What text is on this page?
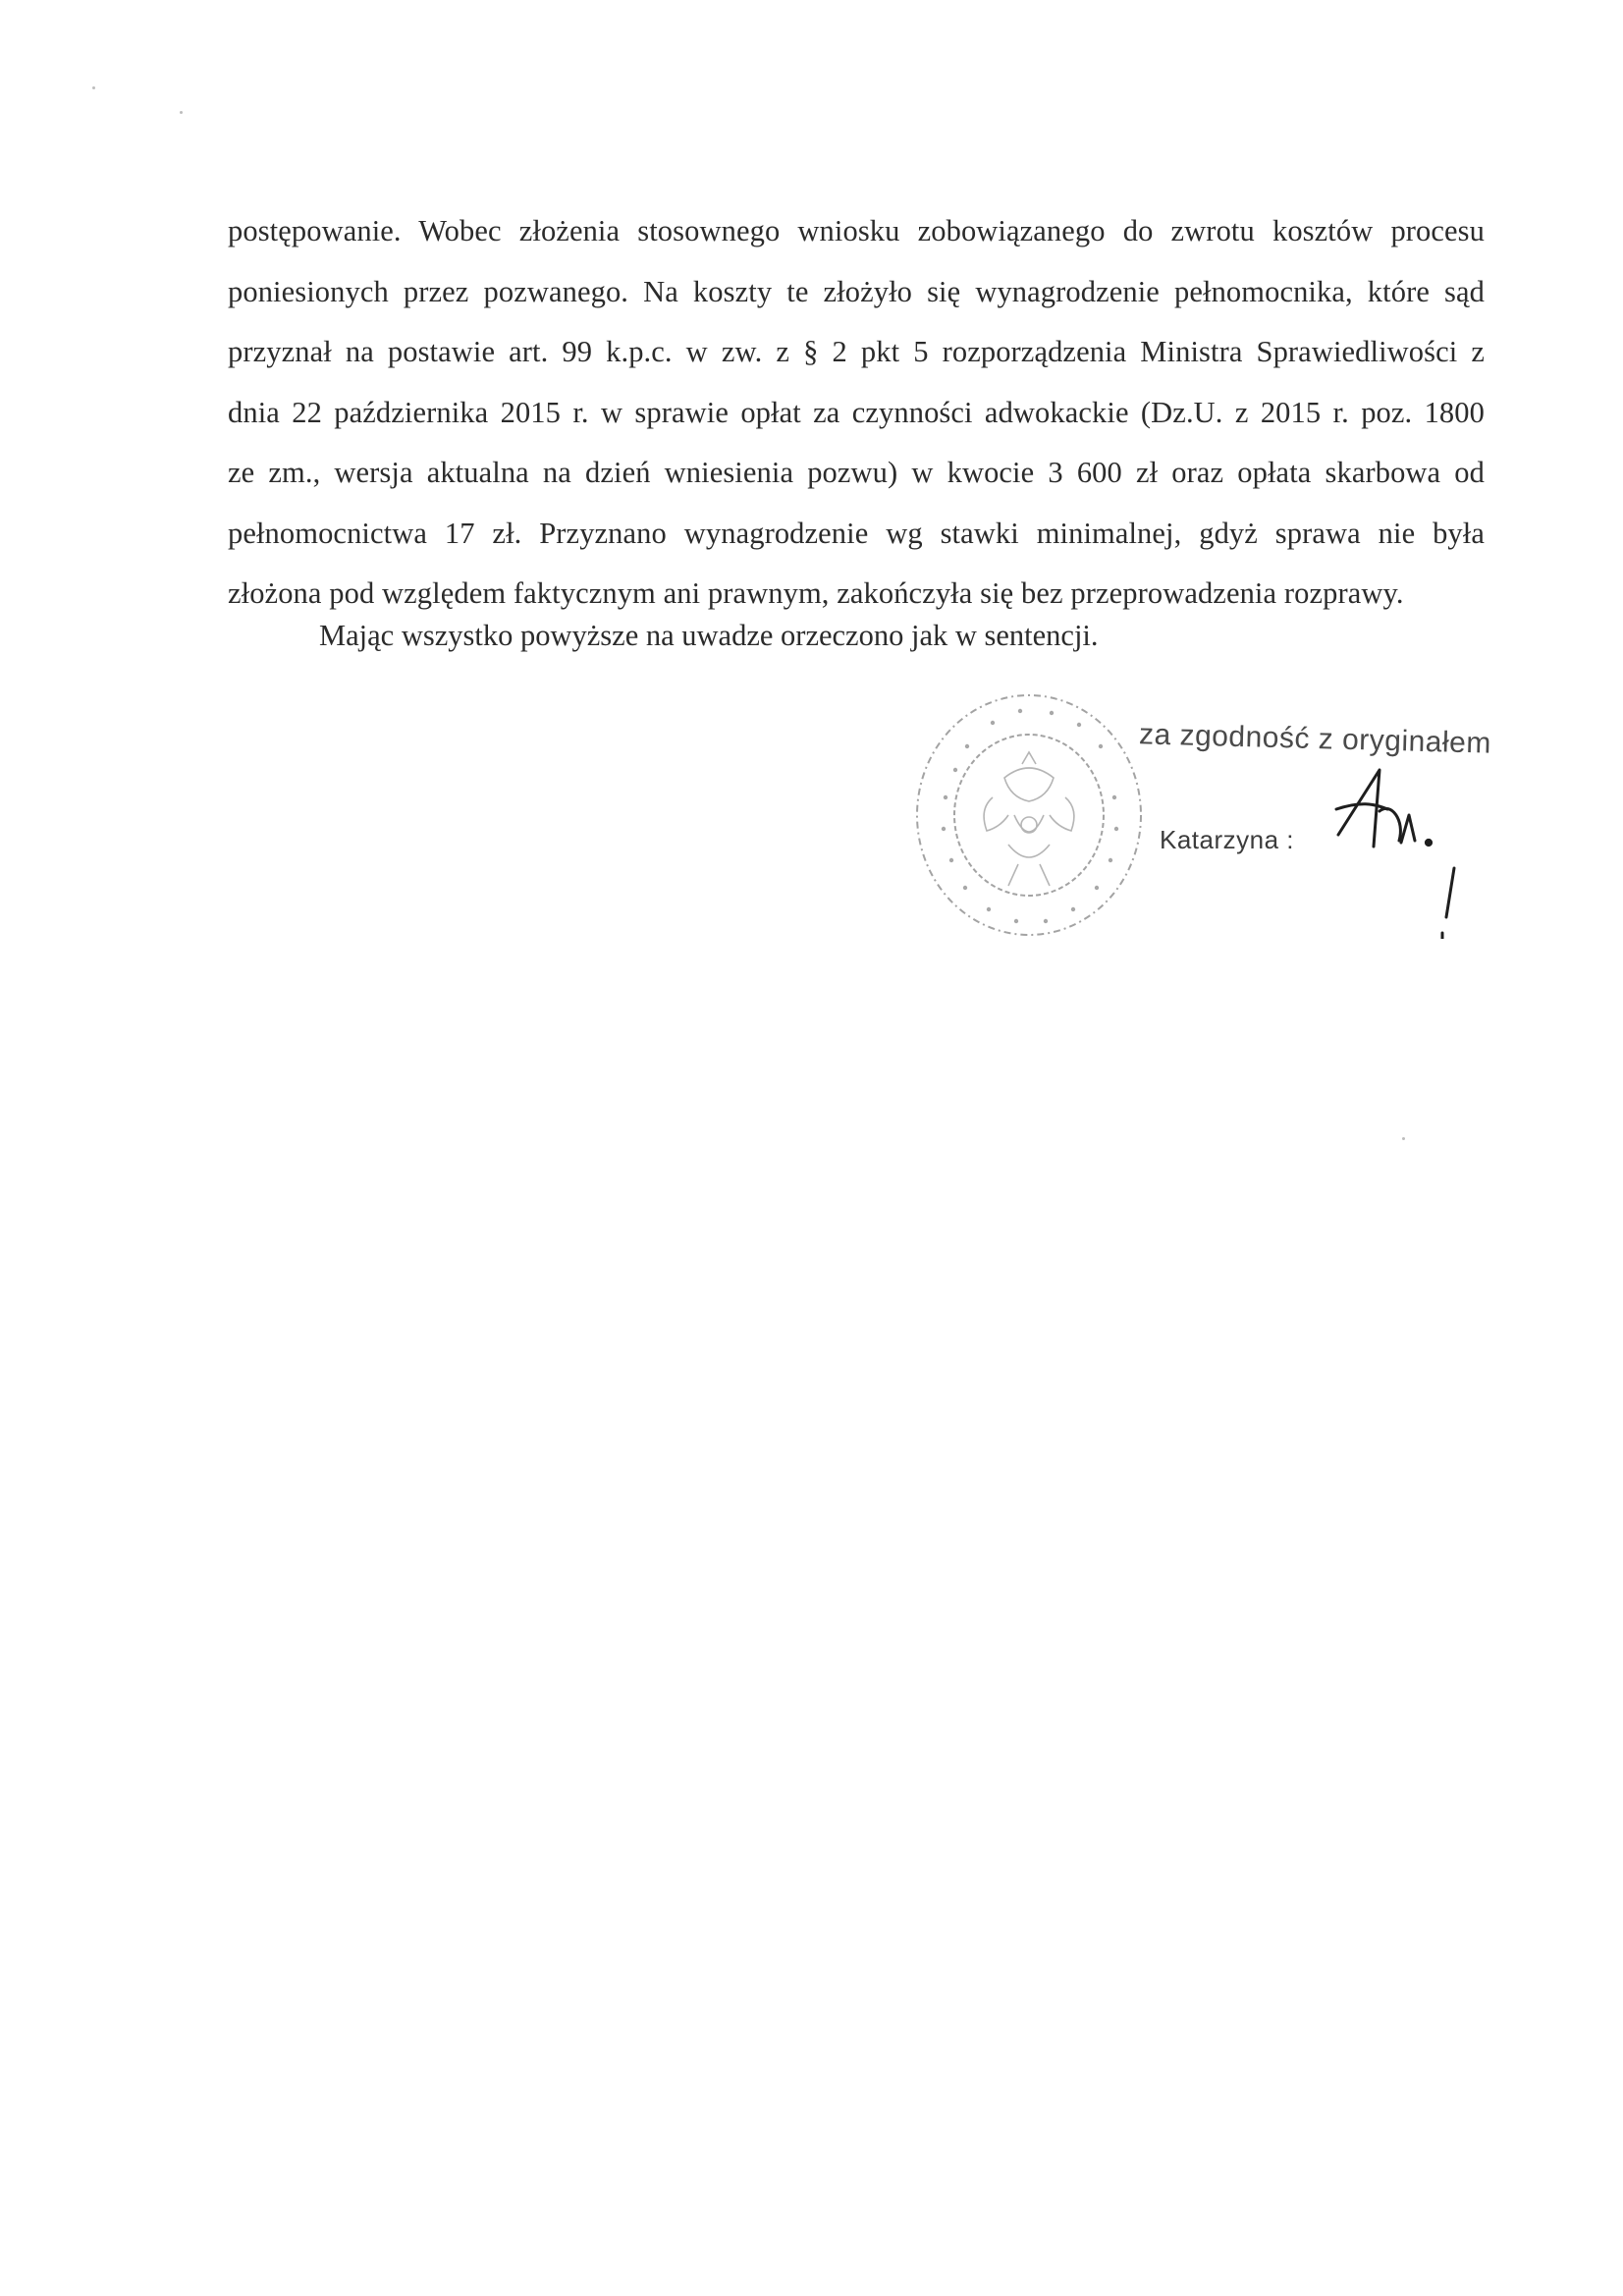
postępowanie. Wobec złożenia stosownego wniosku zobowiązanego do zwrotu kosztów procesu
poniesionych przez pozwanego. Na koszty te złożyło się wynagrodzenie pełnomocnika, które sąd
przyznał na postawie art. 99 k.p.c. w zw. z § 2 pkt 5 rozporządzenia Ministra Sprawiedliwości z
dnia 22 października 2015 r. w sprawie opłat za czynności adwokackie (Dz.U. z 2015 r. poz. 1800
ze zm., wersja aktualna na dzień wniesienia pozwu) w kwocie 3 600 zł oraz opłata skarbowa od
pełnomocnictwa 17 zł. Przyznano wynagrodzenie wg stawki minimalnej, gdyż sprawa nie była
złożona pod względem faktycznym ani prawnym, zakończyła się bez przeprowadzenia rozprawy.
Mając wszystko powyższe na uwadze orzeczono jak w sentencji.
za zgodność z oryginałem
Katarzyna :
